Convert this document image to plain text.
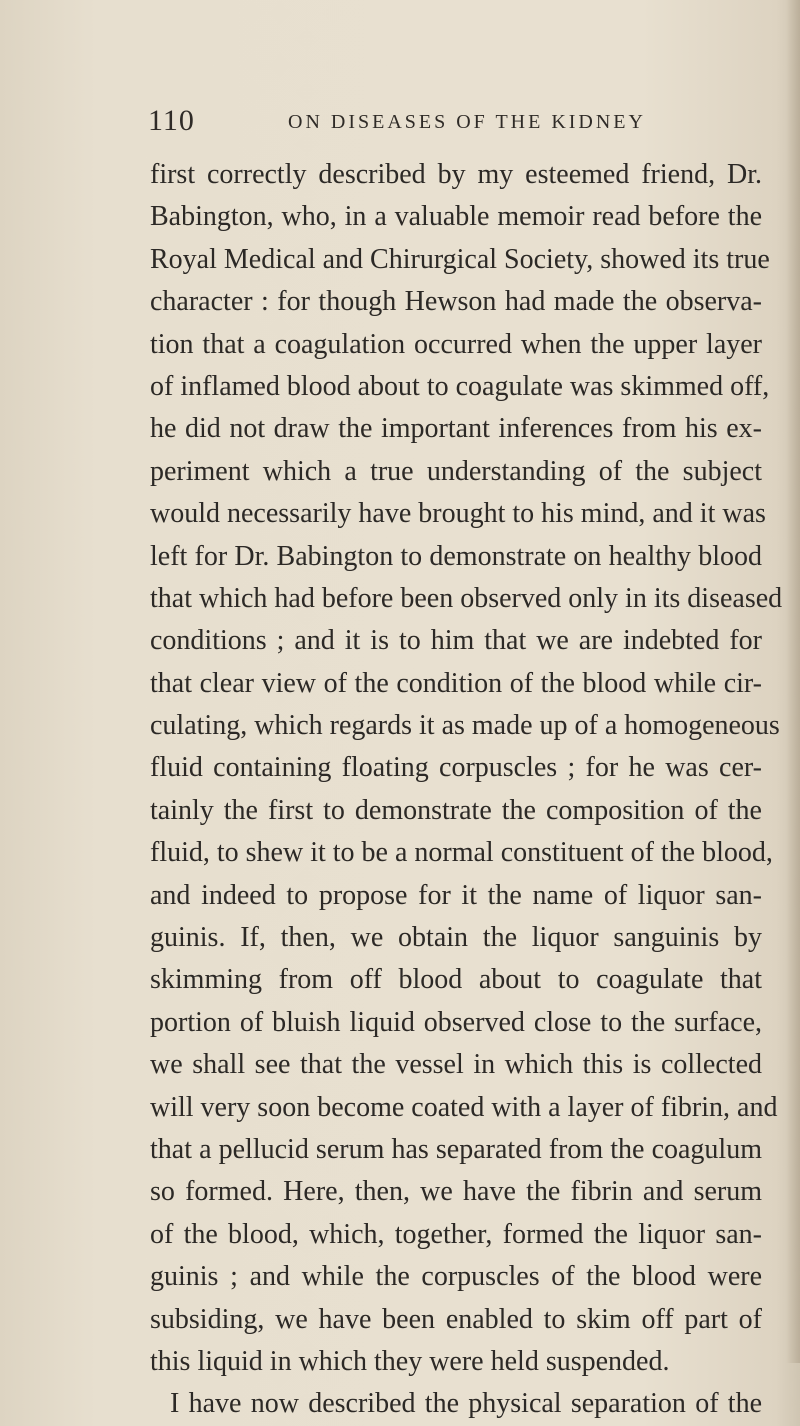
110	ON DISEASES OF THE KIDNEY
first correctly described by my esteemed friend, Dr.
Babington, who, in a valuable memoir read before the
Royal Medical and Chirurgical Society, showed its true
character : for though Hewson had made the observa-
tion that a coagulation occurred when the upper layer
of inflamed blood about to coagulate was skimmed off,
he did not draw the important inferences from his ex-
periment which a true understanding of the subject
would necessarily have brought to his mind, and it was
left for Dr. Babington to demonstrate on healthy blood
that which had before been observed only in its diseased
conditions ; and it is to him that we are indebted for
that clear view of the condition of the blood while cir-
culating, which regards it as made up of a homogeneous
fluid containing floating corpuscles ; for he was cer-
tainly the first to demonstrate the composition of the
fluid, to shew it to be a normal constituent of the blood,
and indeed to propose for it the name of liquor san-
guinis. If, then, we obtain the liquor sanguinis by
skimming from off blood about to coagulate that
portion of bluish liquid observed close to the surface,
we shall see that the vessel in which this is collected
will very soon become coated with a layer of fibrin, and
that a pellucid serum has separated from the coagulum
so formed. Here, then, we have the fibrin and serum
of the blood, which, together, formed the liquor san-
guinis ; and while the corpuscles of the blood were
subsiding, we have been enabled to skim off part of
this liquid in which they were held suspended.
I have now described the physical separation of the
